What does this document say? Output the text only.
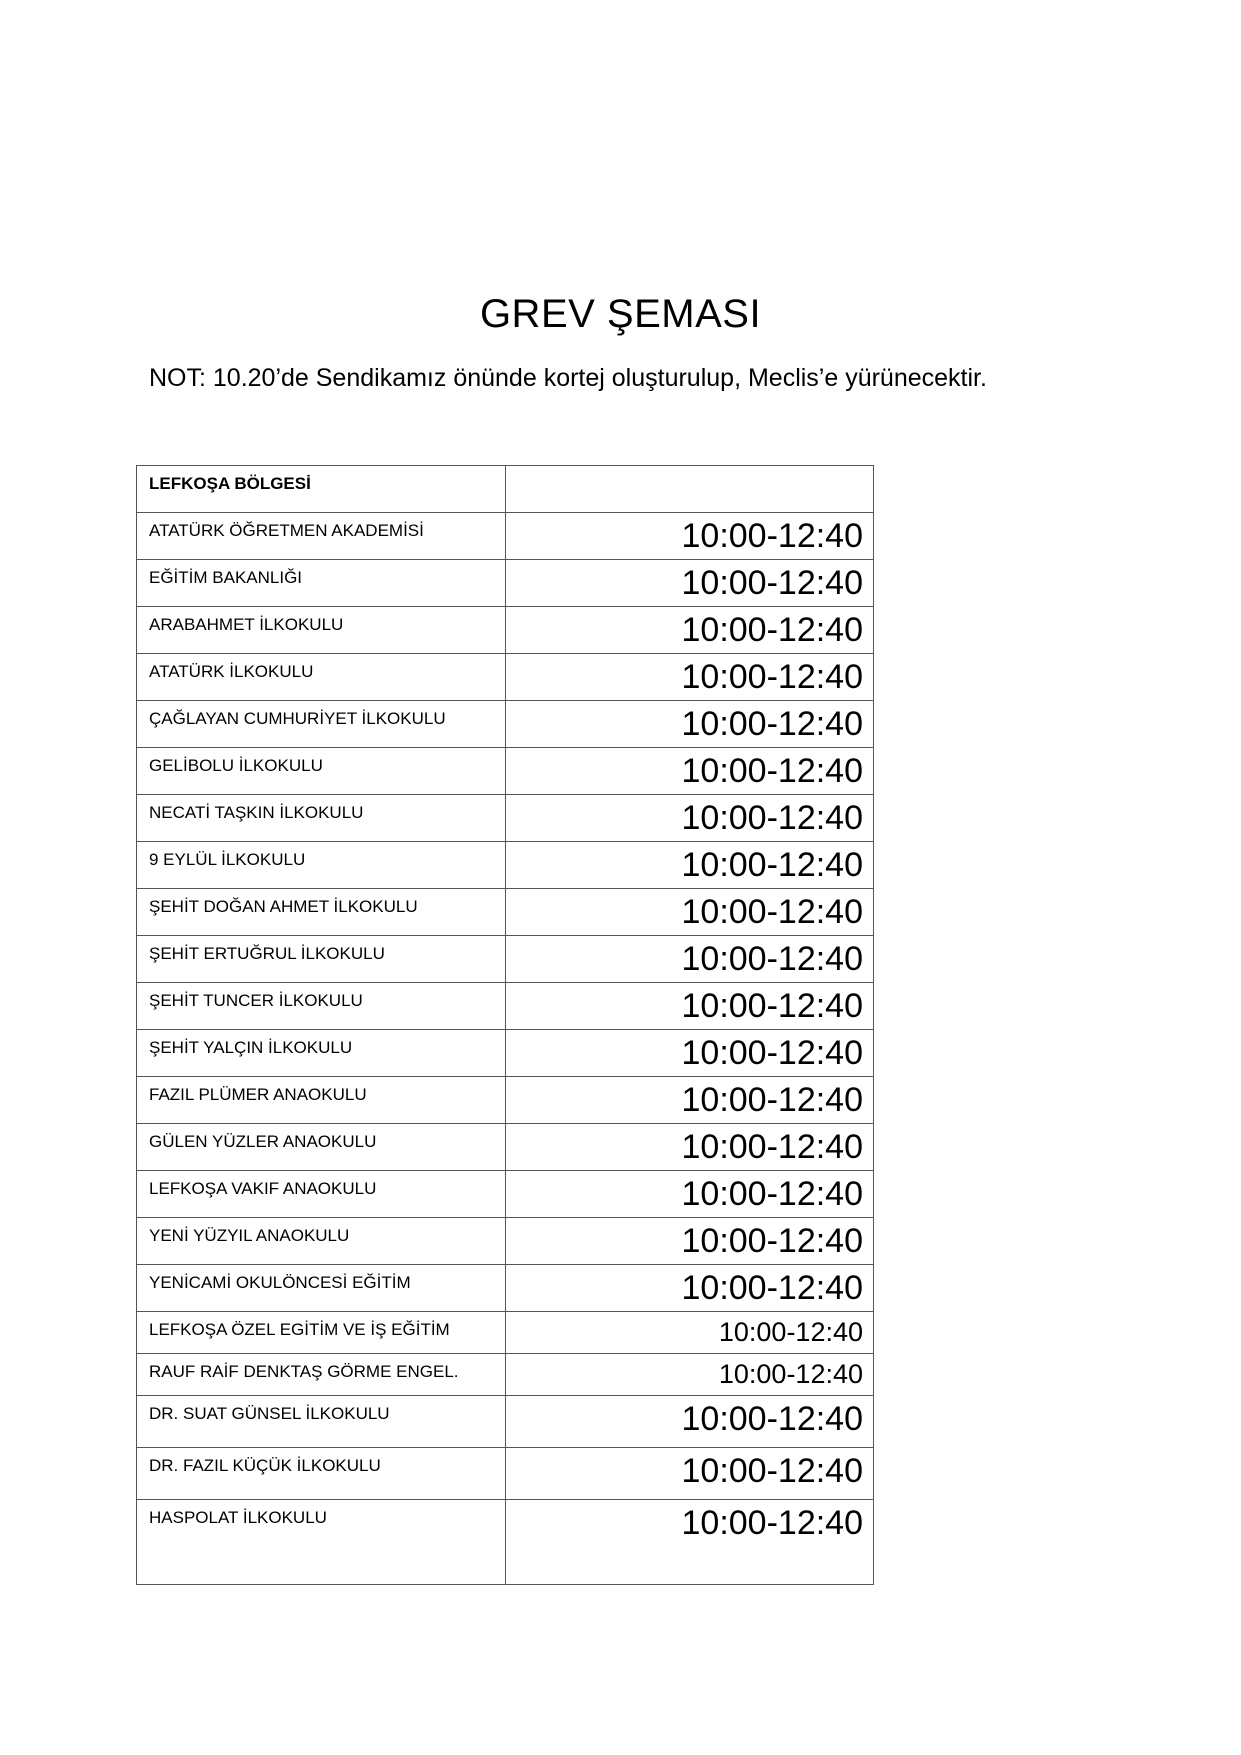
GREV ŞEMASI
NOT: 10.20’de Sendikamız önünde kortej oluşturulup, Meclis’e yürünecektir.
LEFKOŞA BÖLGESİ	
ATATÜRK ÖĞRETMEN AKADEMİSİ	10:00-12:40
EĞİTİM BAKANLIĞI	10:00-12:40
ARABAHMET İLKOKULU	10:00-12:40
ATATÜRK İLKOKULU	10:00-12:40
ÇAĞLAYAN CUMHURİYET İLKOKULU	10:00-12:40
GELİBOLU İLKOKULU	10:00-12:40
NECATİ TAŞKIN İLKOKULU	10:00-12:40
9 EYLÜL İLKOKULU	10:00-12:40
ŞEHİT DOĞAN AHMET İLKOKULU	10:00-12:40
ŞEHİT ERTUĞRUL İLKOKULU	10:00-12:40
ŞEHİT TUNCER İLKOKULU	10:00-12:40
ŞEHİT YALÇIN İLKOKULU	10:00-12:40
FAZIL PLÜMER ANAOKULU	10:00-12:40
GÜLEN YÜZLER ANAOKULU	10:00-12:40
LEFKOŞA VAKIF ANAOKULU	10:00-12:40
YENİ YÜZYIL ANAOKULU	10:00-12:40
YENİCAMİ OKULÖNCESİ EĞİTİM	10:00-12:40
LEFKOŞA ÖZEL EGİTİM VE İŞ EĞİTİM	10:00-12:40
RAUF RAİF DENKTAŞ GÖRME ENGEL.	10:00-12:40
DR. SUAT GÜNSEL İLKOKULU	10:00-12:40
DR. FAZIL KÜÇÜK İLKOKULU	10:00-12:40
HASPOLAT İLKOKULU	10:00-12:40
